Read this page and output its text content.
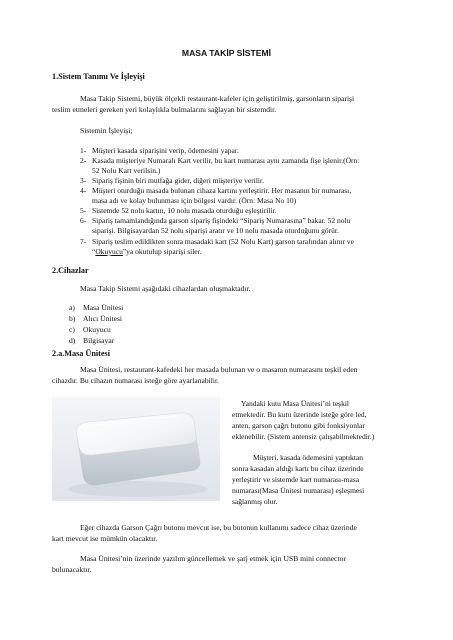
MASA TAKİP SİSTEMİ
1.Sistem Tanımı Ve İşleyişi
Masa Takip Sistemi, büyük ölçekli restaurant-kafeler için geliştirilmiş, garsonların siparişi
teslim etmeleri gereken yeri kolaylıkla bulmalarını sağlayan bir sistemdir.
Sistemin İşleyişi;
1- Müşteri kasada siparişini verip, ödemesini yapar.
2- Kasada müşteriye Numaralı Kart verilir, bu kart numarası aynı zamanda fişe işlenir.(Örn:
52 Nolu Kart verilsin.)
3- Sipariş fişinin biri mutfağa gider, diğeri müşteriye verilir.
4- Müşteri oturduğu masada bulunan cihaza kartını yerleştirir. Her masanın bir numarası,
masa adı ve kolay bulunması için bölgesi vardır. (Örn: Masa No 10)
5- Sistemde 52 nolu kartın, 10 nolu masada oturduğu eşleştirilir.
6- Sipariş tamamlandığında garson sipariş fişindeki “Sipariş Numarasına” bakar. 52 nolu
siparişi. Bilgisayardan 52 nolu siparişi aratır ve 10 nolu masada oturduğunu görür.
7- Sipariş teslim edildikten sonra masadaki kart (52 Nolu Kart) garson tarafından alınır ve
“Okuyucu”ya okutulup siparişi siler.
2.Cihazlar
Masa Takip Sistemi aşağıdaki cihazlardan oluşmaktadır.
a) Masa Ünitesi
b) Alıcı Ünitesi
c) Okuyucu
d) Bilgisayar
2.a.Masa Ünitesi
Masa Ünitesi, restaurant-kafedeki her masada bulunan ve o masanın numarasını teşkil eden
cihazdır. Bu cihazın numarası isteğe göre ayarlanabilir.
Yandaki kutu Masa Ünitesi’ni teşkil
etmektedir. Bu kutu üzerinde isteğe göre led,
anten, garson çağrı butonu gibi fonksiyonlar
eklenebilir. (Sistem antensiz çalışabilmektedir.)
Müşteri, kasada ödemesini yaptıktan
sonra kasadan aldığı kartı bu cihaz üzerinde
yerleştirir ve sistemde kart numarası-masa
numarası(Masa Ünitesi numarası) eşleşmesi
sağlanmış olur.
Eğer cihazda Garson Çağrı butonu mevcut ise, bu butonun kullanımı sadece cihaz üzerinde
kart mevcut ise mümkün olacaktır.
Masa Ünitesi’nin üzerinde yazılım güncellemek ve şarj etmek için USB mini connector
bulunacaktır.
